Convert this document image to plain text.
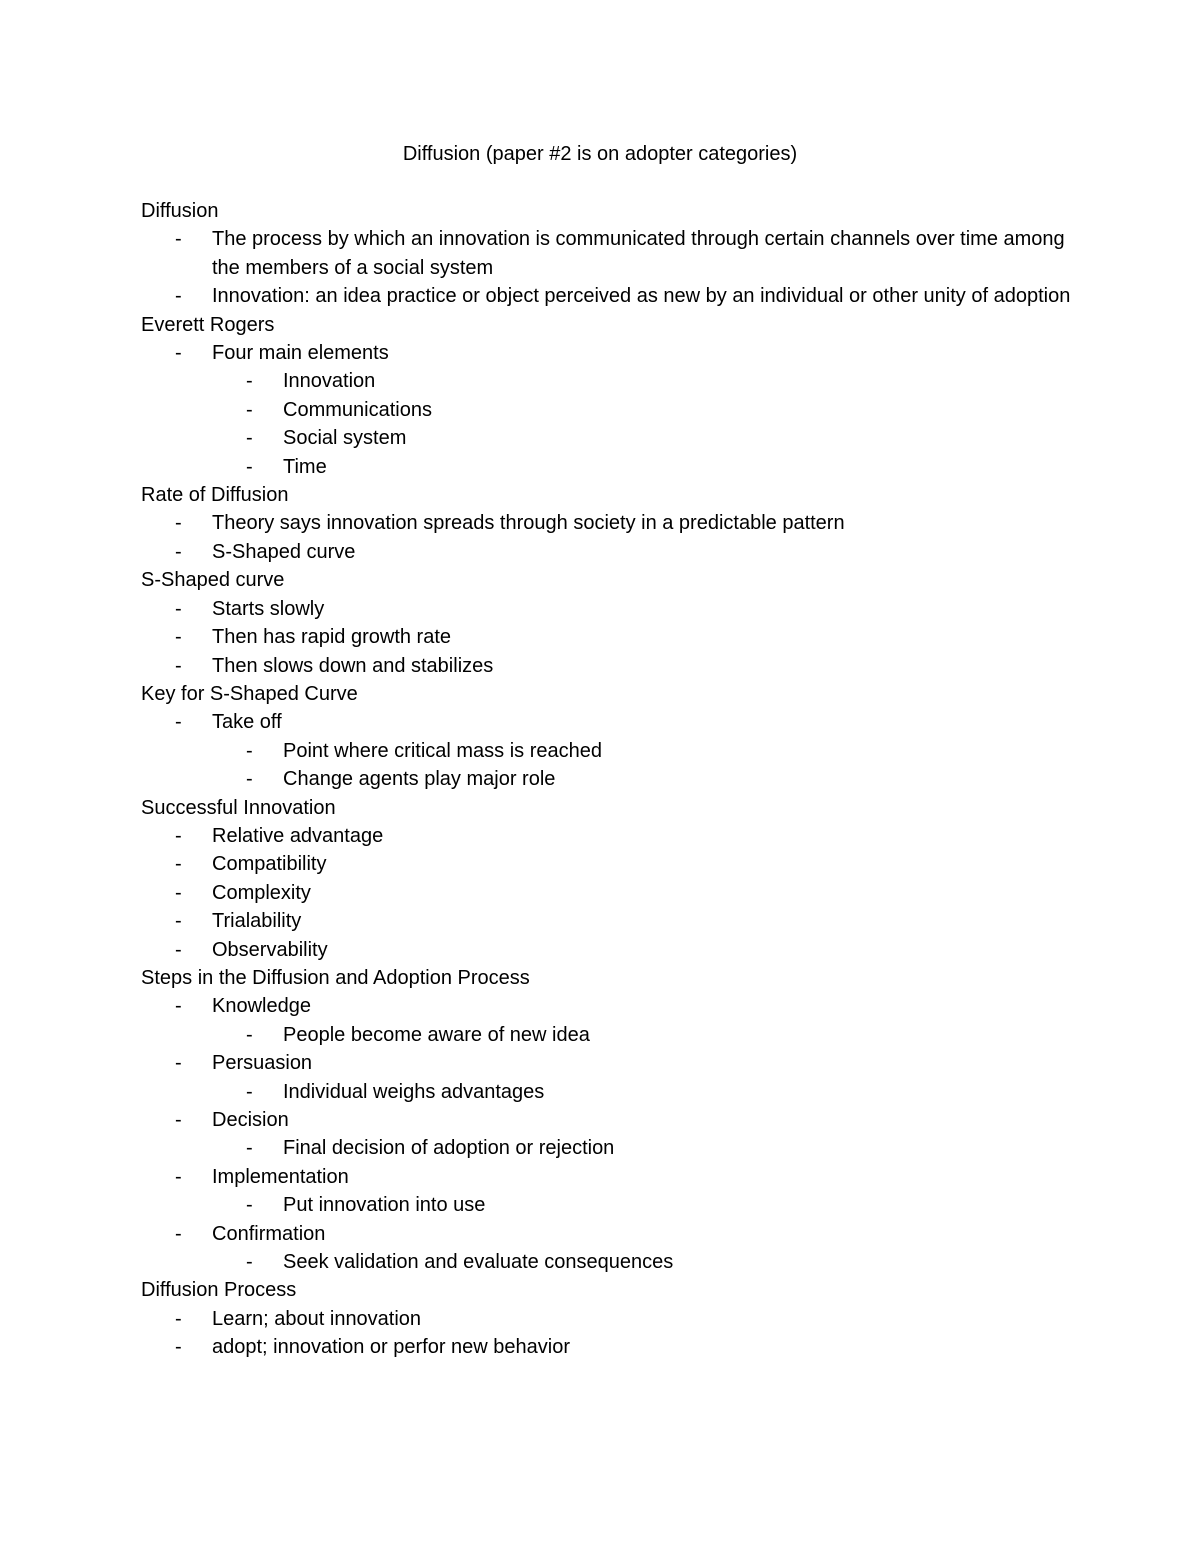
Diffusion (paper #2 is on adopter categories)

Diffusion

- The process by which an innovation is communicated through certain channels over time among the members of a social system
- Innovation: an idea practice or object perceived as new by an individual or other unity of adoption

Everett Rogers

- Four main elements
- Innovation
- Communications
- Social system
- Time

Rate of Diffusion

- Theory says innovation spreads through society in a predictable pattern
- S-Shaped curve

S-Shaped curve

- Starts slowly
- Then has rapid growth rate
- Then slows down and stabilizes

Key for S-Shaped Curve

- Take off
- Point where critical mass is reached
- Change agents play major role

Successful Innovation

- Relative advantage
- Compatibility
- Complexity
- Trialability
- Observability

Steps in the Diffusion and Adoption Process

- Knowledge
- People become aware of new idea
- Persuasion
- Individual weighs advantages
- Decision
- Final decision of adoption or rejection
- Implementation
- Put innovation into use
- Confirmation
- Seek validation and evaluate consequences

Diffusion Process

- Learn; about innovation
- adopt; innovation or perfor new behavior
